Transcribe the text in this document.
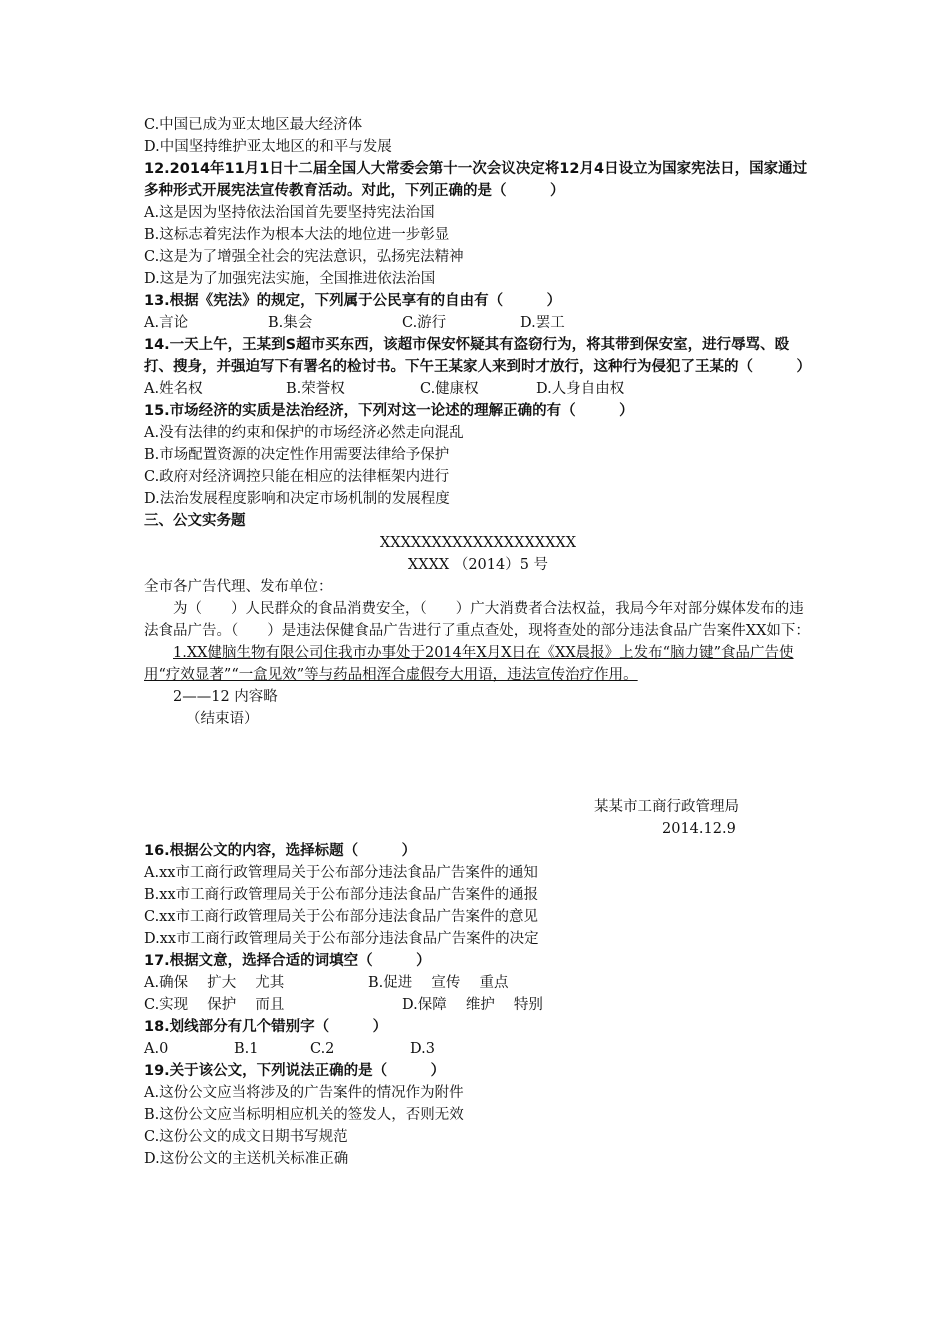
C.中国已成为亚太地区最大经济体
D.中国坚持维护亚太地区的和平与发展
12.2014年11月1日十二届全国人大常委会第十一次会议决定将12月4日设立为国家宪法日，国家通过多种形式开展宪法宣传教育活动。对此，下列正确的是（　　　）
A.这是因为坚持依法治国首先要坚持宪法治国
B.这标志着宪法作为根本大法的地位进一步彰显
C.这是为了增强全社会的宪法意识，弘扬宪法精神
D.这是为了加强宪法实施，全国推进依法治国
13.根据《宪法》的规定，下列属于公民享有的自由有（　　　）
A.言论	B.集会	C.游行	D.罢工
14.一天上午，王某到S超市买东西，该超市保安怀疑其有盗窃行为，将其带到保安室，进行辱骂、殴打、搜身，并强迫写下有署名的检讨书。下午王某家人来到时才放行，这种行为侵犯了王某的（　　　）
A.姓名权	B.荣誉权	C.健康权	D.人身自由权
15.市场经济的实质是法治经济，下列对这一论述的理解正确的有（　　　）
A.没有法律的约束和保护的市场经济必然走向混乱
B.市场配置资源的决定性作用需要法律给予保护
C.政府对经济调控只能在相应的法律框架内进行
D.法治发展程度影响和决定市场机制的发展程度
三、公文实务题
XXXXXXXXXXXXXXXXXXX
XXXX （2014）5 号
全市各广告代理、发布单位：
为（　　）人民群众的食品消费安全，（　　）广大消费者合法权益，我局今年对部分媒体发布的违法食品广告。（　　）是违法保健食品广告进行了重点查处，现将查处的部分违法食品广告案件XX如下：
1.XX健脑生物有限公司住我市办事处于2014年X月X日在《XX晨报》上发布“脑力键”食品广告使用“疗效显著”“一盒见效”等与药品相浑合虚假夸大用语，违法宣传治疗作用。
2——12 内容略
（结束语）
某某市工商行政管理局
2014.12.9
16.根据公文的内容，选择标题（　　　）
A.xx市工商行政管理局关于公布部分违法食品广告案件的通知
B.xx市工商行政管理局关于公布部分违法食品广告案件的通报
C.xx市工商行政管理局关于公布部分违法食品广告案件的意见
D.xx市工商行政管理局关于公布部分违法食品广告案件的决定
17.根据文意，选择合适的词填空（　　　）
A.确保　 扩大　 尤其	B.促进　 宣传　 重点
C.实现　 保护　 而且	D.保障　 维护　 特别
18.划线部分有几个错别字（　　　）
A.0	B.1	C.2	D.3
19.关于该公文，下列说法正确的是（　　　）
A.这份公文应当将涉及的广告案件的情况作为附件
B.这份公文应当标明相应机关的签发人，否则无效
C.这份公文的成文日期书写规范
D.这份公文的主送机关标准正确
